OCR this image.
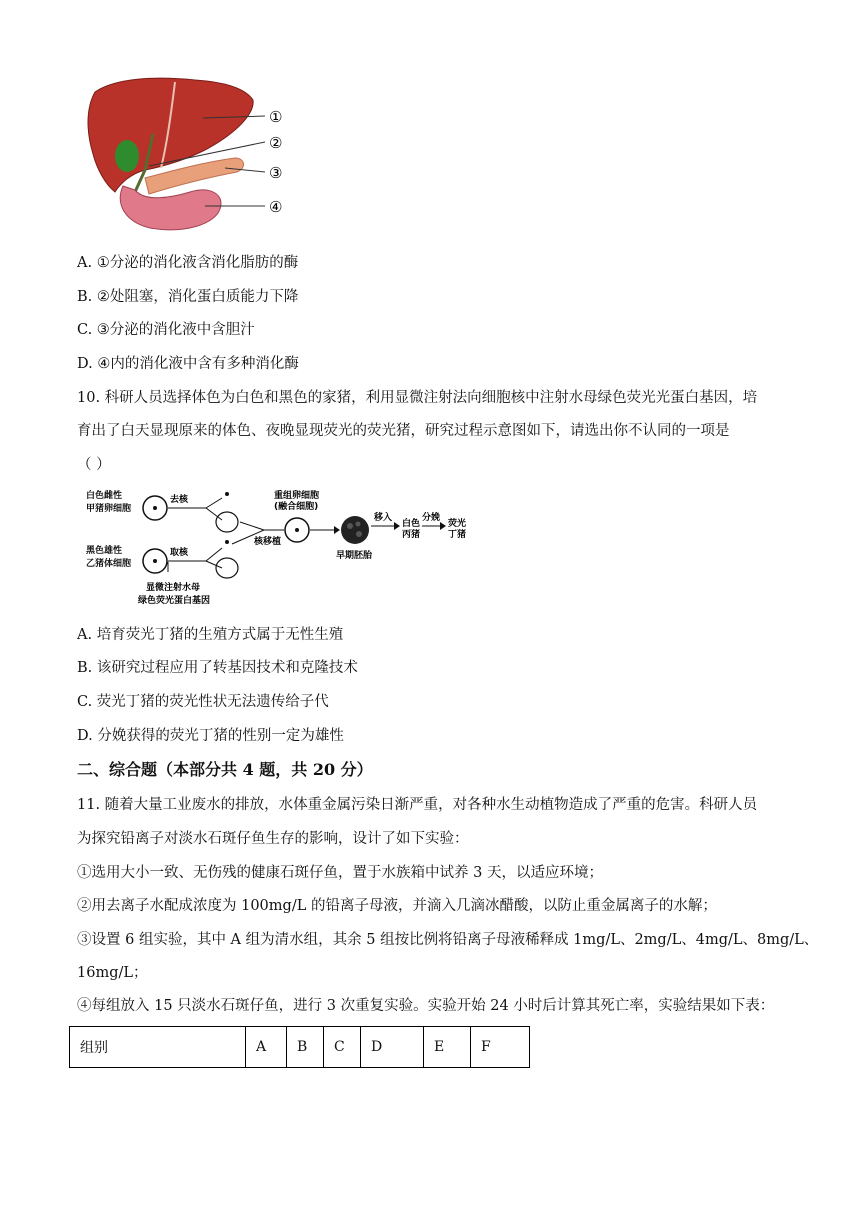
①
②
③
④
A. ①分泌的消化液含消化脂肪的酶
B. ②处阻塞，消化蛋白质能力下降
C. ③分泌的消化液中含胆汁
D. ④内的消化液中含有多种消化酶
10. 科研人员选择体色为白色和黑色的家猪，利用显微注射法向细胞核中注射水母绿色荧光光蛋白基因，培
育出了白天显现原来的体色、夜晚显现荧光的荧光猪，研究过程示意图如下，请选出你不认同的一项是
（ ）
白色雌性
甲猪卵细胞
黑色雄性
乙猪体细胞
去核
取核
核移植
显微注射水母
绿色荧光蛋白基因
重组卵细胞
(融合细胞)
早期胚胎
移入
白色
丙猪
分娩
荧光
丁猪
A. 培育荧光丁猪的生殖方式属于无性生殖
B. 该研究过程应用了转基因技术和克隆技术
C. 荧光丁猪的荧光性状无法遗传给子代
D. 分娩获得的荧光丁猪的性别一定为雄性
二、综合题（本部分共 4 题，共 20 分）
11. 随着大量工业废水的排放，水体重金属污染日渐严重，对各种水生动植物造成了严重的危害。科研人员
为探究铅离子对淡水石斑仔鱼生存的影响，设计了如下实验：
①选用大小一致、无伤残的健康石斑仔鱼，置于水族箱中试养 3 天，以适应环境；
②用去离子水配成浓度为 100mg/L 的铅离子母液，并滴入几滴冰醋酸，以防止重金属离子的水解；
③设置 6 组实验，其中 A 组为清水组，其余 5 组按比例将铅离子母液稀释成 1mg/L、2mg/L、4mg/L、8mg/L、
16mg/L；
④每组放入 15 只淡水石斑仔鱼，进行 3 次重复实验。实验开始 24 小时后计算其死亡率，实验结果如下表：
组别	A	B	C	D	E	F
